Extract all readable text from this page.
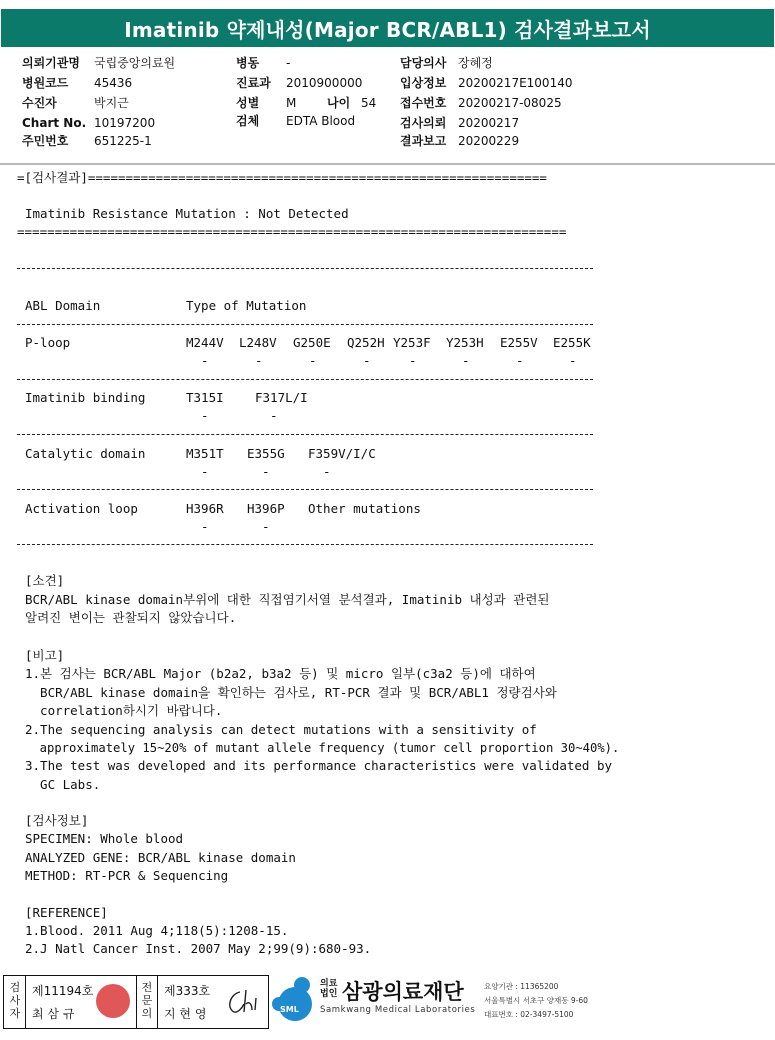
Imatinib 약제내성(Major BCR/ABL1) 검사결과보고서
의뢰기관명 국립중앙의료원
병원코드 45436
수진자	박지근
Chart No. 10197200
주민번호 651225-1
병동 -
진료과 2010900000
성별 M	나이 54
검체 EDTA Blood
담당의사 장혜정
입상정보 20200217E100140
접수번호 20200217-08025
검사의뢰 20200217
결과보고 20200229
=[검사결과]=============================================================
Imatinib Resistance Mutation : Not Detected
=========================================================================
ABL Domain	Type of Mutation
P-loop	M244V L248V G250E Q252H Y253F Y253H E255V E255K
-	-	-	-	-	-	-	-
Imatinib binding	T315I	F317L/I
-	-
Catalytic domain	M351T E355G F359V/I/C
-	-	-
Activation loop	H396R H396P Other mutations
-	-
[소견]
BCR/ABL kinase domain부위에 대한 직접염기서열 분석결과, Imatinib 내성과 관련된
알려진 변이는 관찰되지 않았습니다.
[비고]
1.본 검사는 BCR/ABL Major (b2a2, b3a2 등) 및 micro 일부(c3a2 등)에 대하여
BCR/ABL kinase domain을 확인하는 검사로, RT-PCR 결과 및 BCR/ABL1 정량검사와
correlation하시기 바랍니다.
2.The sequencing analysis can detect mutations with a sensitivity of
approximately 15~20% of mutant allele frequency (tumor cell proportion 30~40%).
3.The test was developed and its performance characteristics were validated by
GC Labs.
[검사정보]
SPECIMEN: Whole blood
ANALYZED GENE: BCR/ABL kinase domain
METHOD: RT-PCR & Sequencing
[REFERENCE]
1.Blood. 2011 Aug 4;118(5):1208-15.
2.J Natl Cancer Inst. 2007 May 2;99(9):680-93.
검
사
자
제11194호
최 삼 규
전
문
의
제333호
지 현 영	SML
의료
법인 삼광의료재단
Samkwang Medical Laboratories
요양기관 : 11365200
서울특별시 서초구 양재동 9-60
대표번호 : 02-3497-5100
